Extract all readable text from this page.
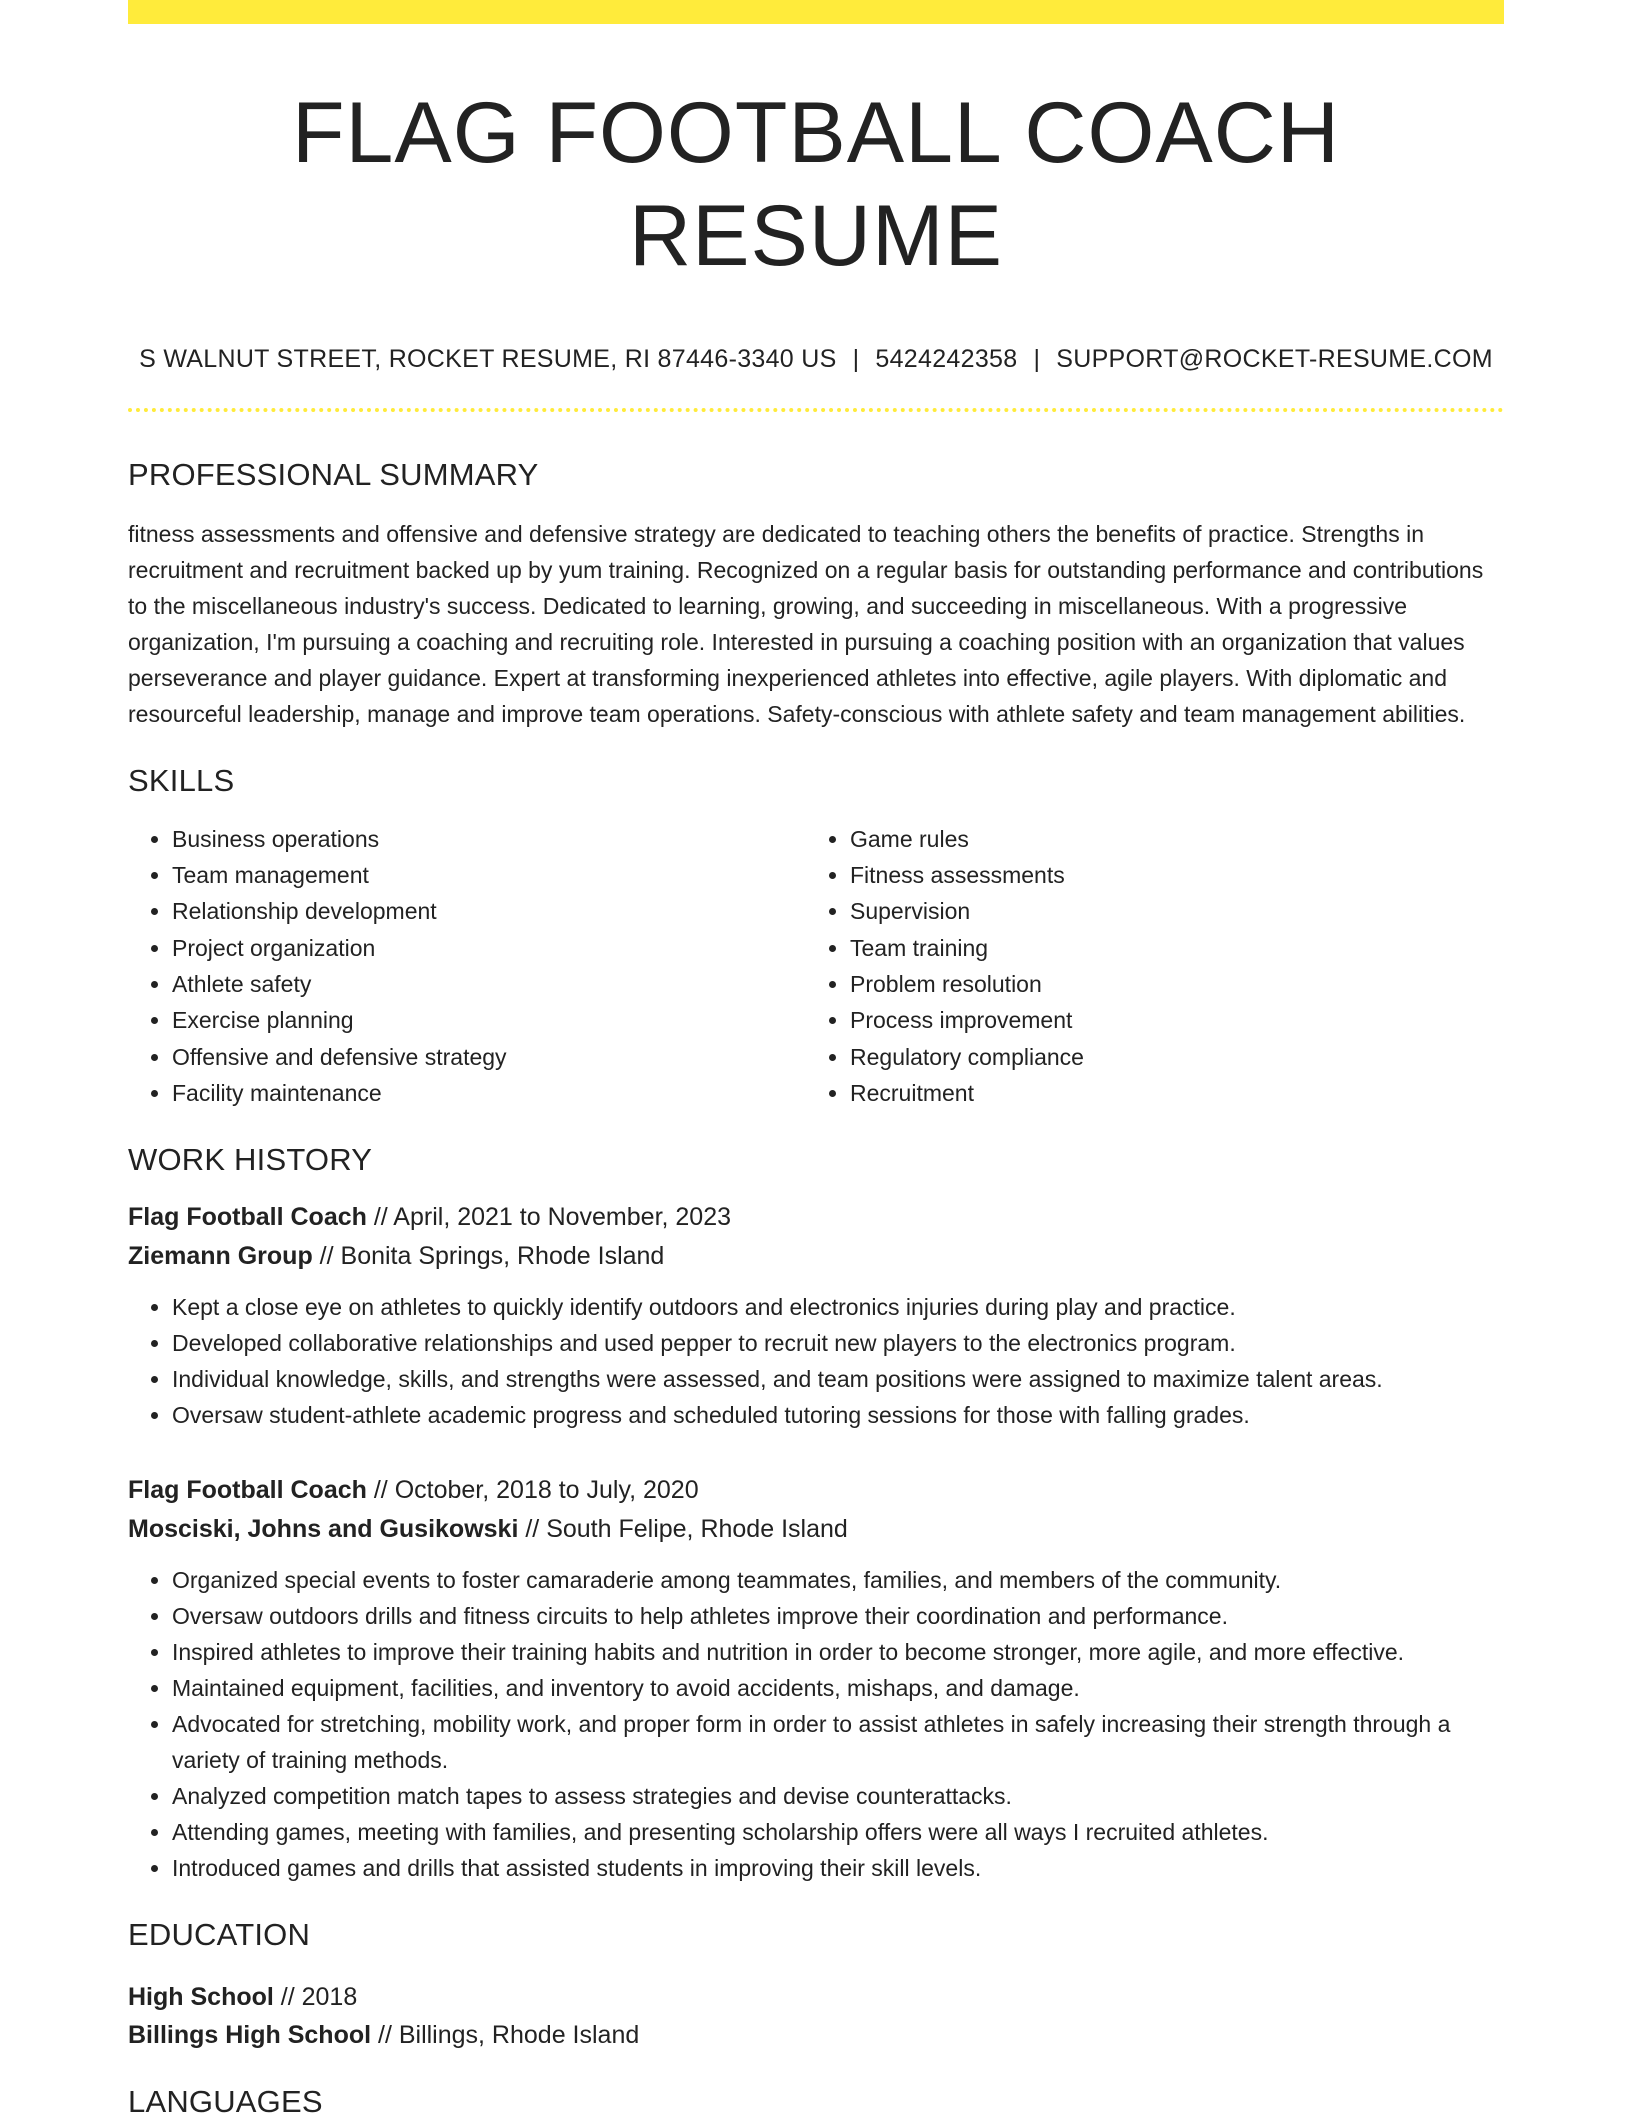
FLAG FOOTBALL COACH RESUME
S WALNUT STREET, ROCKET RESUME, RI 87446-3340 US | 5424242358 | SUPPORT@ROCKET-RESUME.COM
PROFESSIONAL SUMMARY

fitness assessments and offensive and defensive strategy are dedicated to teaching others the benefits of practice. Strengths in recruitment and recruitment backed up by yum training. Recognized on a regular basis for outstanding performance and contributions to the miscellaneous industry's success. Dedicated to learning, growing, and succeeding in miscellaneous. With a progressive organization, I'm pursuing a coaching and recruiting role. Interested in pursuing a coaching position with an organization that values perseverance and player guidance. Expert at transforming inexperienced athletes into effective, agile players. With diplomatic and resourceful leadership, manage and improve team operations. Safety-conscious with athlete safety and team management abilities.

SKILLS
• Business operations
• Team management
• Relationship development
• Project organization
• Athlete safety
• Exercise planning
• Offensive and defensive strategy
• Facility maintenance
• Game rules
• Fitness assessments
• Supervision
• Team training
• Problem resolution
• Process improvement
• Regulatory compliance
• Recruitment
WORK HISTORY
Flag Football Coach // April, 2021 to November, 2023
Ziemann Group // Bonita Springs, Rhode Island
• Kept a close eye on athletes to quickly identify outdoors and electronics injuries during play and practice.
• Developed collaborative relationships and used pepper to recruit new players to the electronics program.
• Individual knowledge, skills, and strengths were assessed, and team positions were assigned to maximize talent areas.
• Oversaw student-athlete academic progress and scheduled tutoring sessions for those with falling grades.
Flag Football Coach // October, 2018 to July, 2020
Mosciski, Johns and Gusikowski // South Felipe, Rhode Island
• Organized special events to foster camaraderie among teammates, families, and members of the community.
• Oversaw outdoors drills and fitness circuits to help athletes improve their coordination and performance.
• Inspired athletes to improve their training habits and nutrition in order to become stronger, more agile, and more effective.
• Maintained equipment, facilities, and inventory to avoid accidents, mishaps, and damage.
• Advocated for stretching, mobility work, and proper form in order to assist athletes in safely increasing their strength through a variety of training methods.
• Analyzed competition match tapes to assess strategies and devise counterattacks.
• Attending games, meeting with families, and presenting scholarship offers were all ways I recruited athletes.
• Introduced games and drills that assisted students in improving their skill levels.
EDUCATION
High School // 2018
Billings High School // Billings, Rhode Island
LANGUAGES
